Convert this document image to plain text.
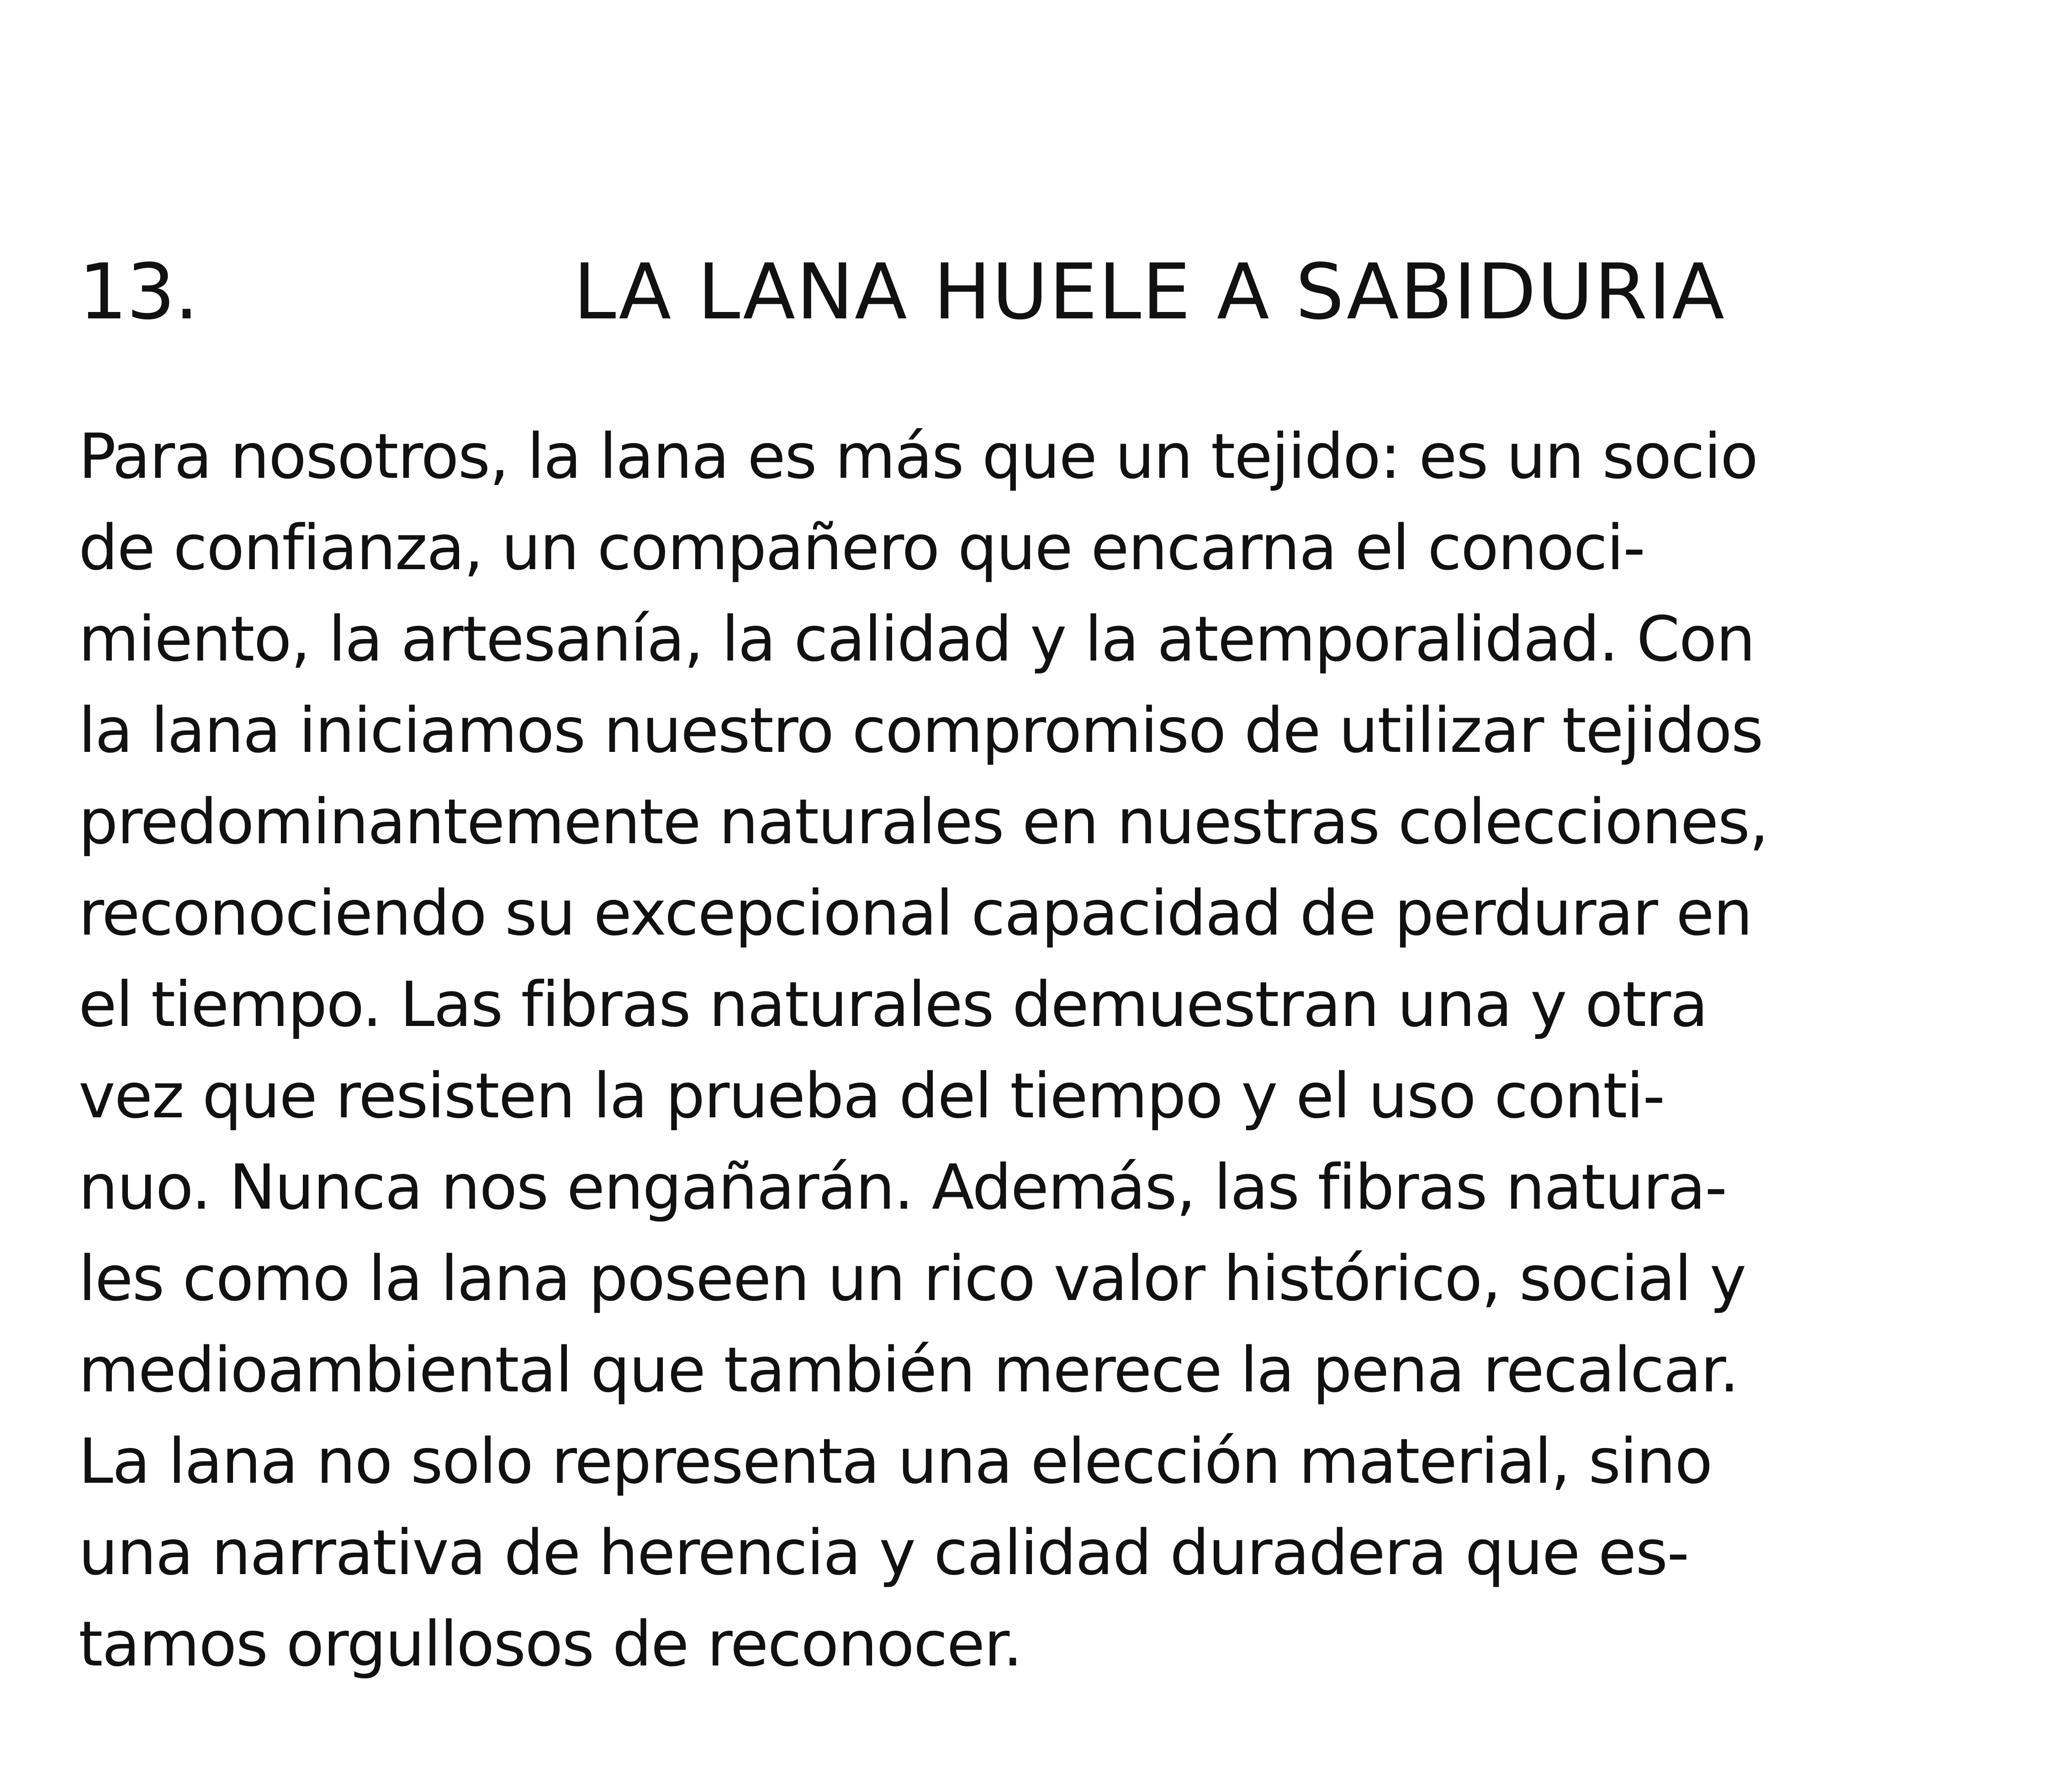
13.	LA LANA HUELE A SABIDURIA
Para nosotros, la lana es más que un tejido: es un socio
de confianza, un compañero que encarna el conoci-
miento, la artesanía, la calidad y la atemporalidad. Con
la lana iniciamos nuestro compromiso de utilizar tejidos
predominantemente naturales en nuestras colecciones,
reconociendo su excepcional capacidad de perdurar en
el tiempo. Las fibras naturales demuestran una y otra
vez que resisten la prueba del tiempo y el uso conti-
nuo. Nunca nos engañarán. Además, las fibras natura-
les como la lana poseen un rico valor histórico, social y
medioambiental que también merece la pena recalcar.
La lana no solo representa una elección material, sino
una narrativa de herencia y calidad duradera que es-
tamos orgullosos de reconocer.
